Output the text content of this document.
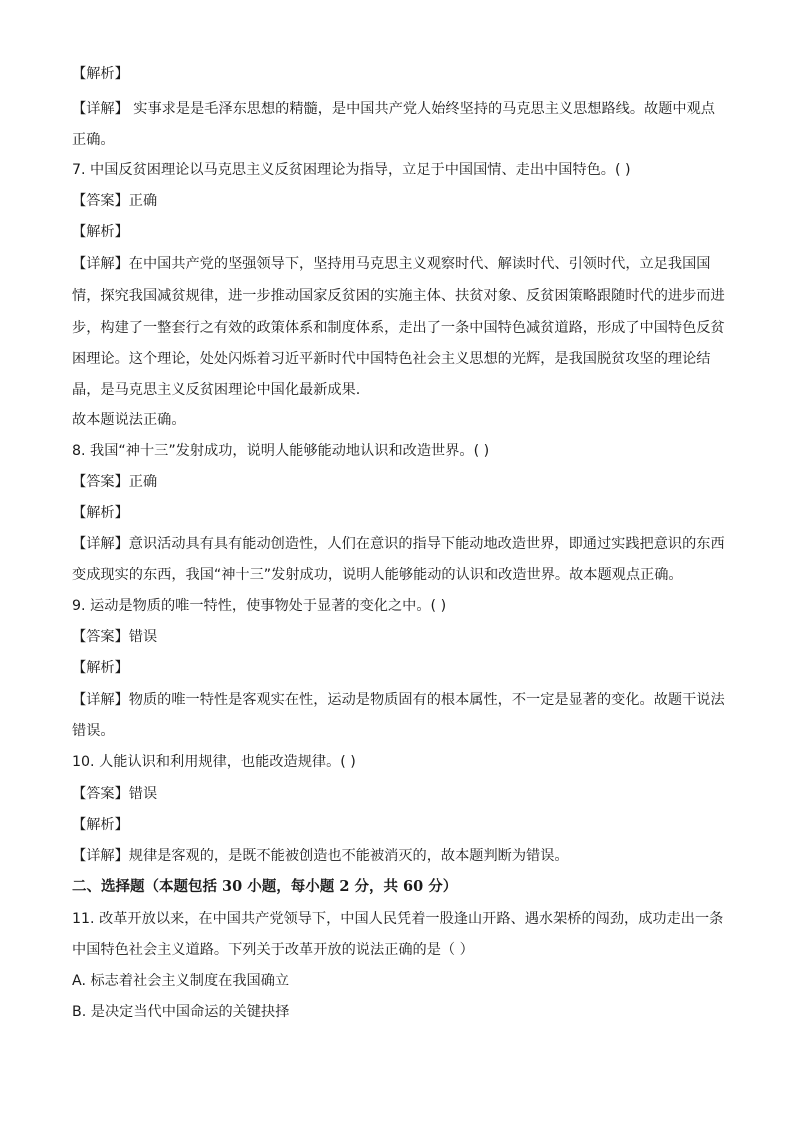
【解析】
【详解】 实事求是是毛泽东思想的精髓，是中国共产党人始终坚持的马克思主义思想路线。故题中观点
正确。
7. 中国反贫困理论以马克思主义反贫困理论为指导，立足于中国国情、走出中国特色。( )
【答案】正确
【解析】
【详解】在中国共产党的坚强领导下，坚持用马克思主义观察时代、解读时代、引领时代，立足我国国
情，探究我国减贫规律，进一步推动国家反贫困的实施主体、扶贫对象、反贫困策略跟随时代的进步而进
步，构建了一整套行之有效的政策体系和制度体系，走出了一条中国特色减贫道路，形成了中国特色反贫
困理论。这个理论，处处闪烁着习近平新时代中国特色社会主义思想的光辉，是我国脱贫攻坚的理论结
晶，是马克思主义反贫困理论中国化最新成果.
故本题说法正确。
8. 我国“神十三”发射成功，说明人能够能动地认识和改造世界。( )
【答案】正确
【解析】
【详解】意识活动具有具有能动创造性，人们在意识的指导下能动地改造世界，即通过实践把意识的东西
变成现实的东西，我国“神十三”发射成功，说明人能够能动的认识和改造世界。故本题观点正确。
9. 运动是物质的唯一特性，使事物处于显著的变化之中。( )
【答案】错误
【解析】
【详解】物质的唯一特性是客观实在性，运动是物质固有的根本属性，不一定是显著的变化。故题干说法
错误。
10. 人能认识和利用规律，也能改造规律。( )
【答案】错误
【解析】
【详解】规律是客观的，是既不能被创造也不能被消灭的，故本题判断为错误。
二、选择题（本题包括 30 小题，每小题 2 分，共 60 分）
11. 改革开放以来，在中国共产党领导下，中国人民凭着一股逢山开路、遇水架桥的闯劲，成功走出一条
中国特色社会主义道路。下列关于改革开放的说法正确的是（ ）
A. 标志着社会主义制度在我国确立
B. 是决定当代中国命运的关键抉择
